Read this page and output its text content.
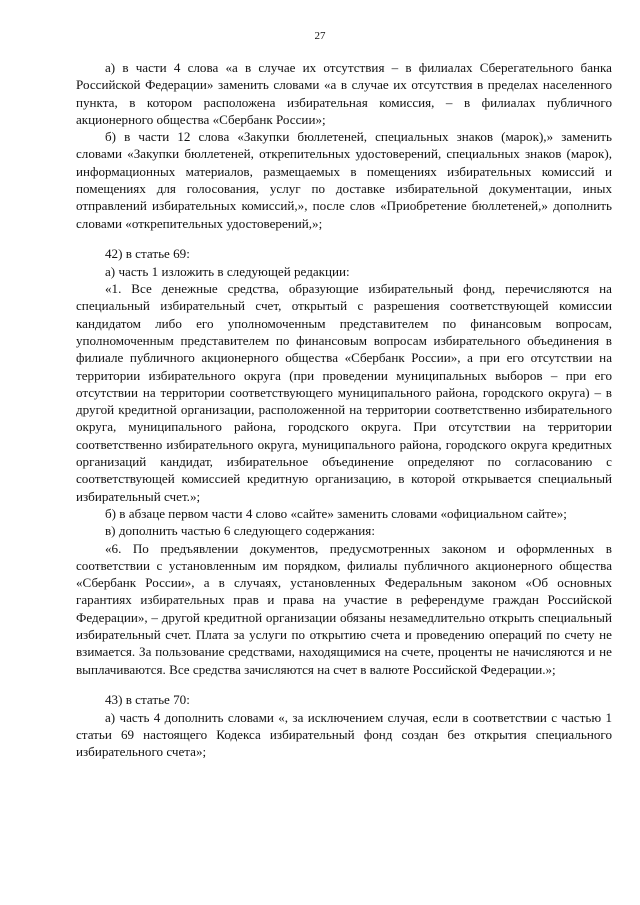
27

а) в части 4 слова «а в случае их отсутствия – в филиалах Сберегательного банка Российской Федерации» заменить словами «а в случае их отсутствия в пределах населенного пункта, в котором расположена избирательная комиссия, – в филиалах публичного акционерного общества «Сбербанк России»;

б) в части 12 слова «Закупки бюллетеней, специальных знаков (марок),» заменить словами «Закупки бюллетеней, открепительных удостоверений, специальных знаков (марок), информационных материалов, размещаемых в помещениях избирательных комиссий и помещениях для голосования, услуг по доставке избирательной документации, иных отправлений избирательных комиссий,», после слов «Приобретение бюллетеней,» дополнить словами «открепительных удостоверений,»;

42) в статье 69:

а) часть 1 изложить в следующей редакции:

«1. Все денежные средства, образующие избирательный фонд, перечисляются на специальный избирательный счет, открытый с разрешения соответствующей комиссии кандидатом либо его уполномоченным представителем по финансовым вопросам, уполномоченным представителем по финансовым вопросам избирательного объединения в филиале публичного акционерного общества «Сбербанк России», а при его отсутствии на территории избирательного округа (при проведении муниципальных выборов – при его отсутствии на территории соответствующего муниципального района, городского округа) – в другой кредитной организации, расположенной на территории соответственно избирательного округа, муниципального района, городского округа. При отсутствии на территории соответственно избирательного округа, муниципального района, городского округа кредитных организаций кандидат, избирательное объединение определяют по согласованию с соответствующей комиссией кредитную организацию, в которой открывается специальный избирательный счет.»;

б) в абзаце первом части 4 слово «сайте» заменить словами «официальном сайте»;

в) дополнить частью 6 следующего содержания:

«6. По предъявлении документов, предусмотренных законом и оформленных в соответствии с установленным им порядком, филиалы публичного акционерного общества «Сбербанк России», а в случаях, установленных Федеральным законом «Об основных гарантиях избирательных прав и права на участие в референдуме граждан Российской Федерации», – другой кредитной организации обязаны незамедлительно открыть специальный избирательный счет. Плата за услуги по открытию счета и проведению операций по счету не взимается. За пользование средствами, находящимися на счете, проценты не начисляются и не выплачиваются. Все средства зачисляются на счет в валюте Российской Федерации.»;

43) в статье 70:

а) часть 4 дополнить словами «, за исключением случая, если в соответствии с частью 1 статьи 69 настоящего Кодекса избирательный фонд создан без открытия специального избирательного счета»;
